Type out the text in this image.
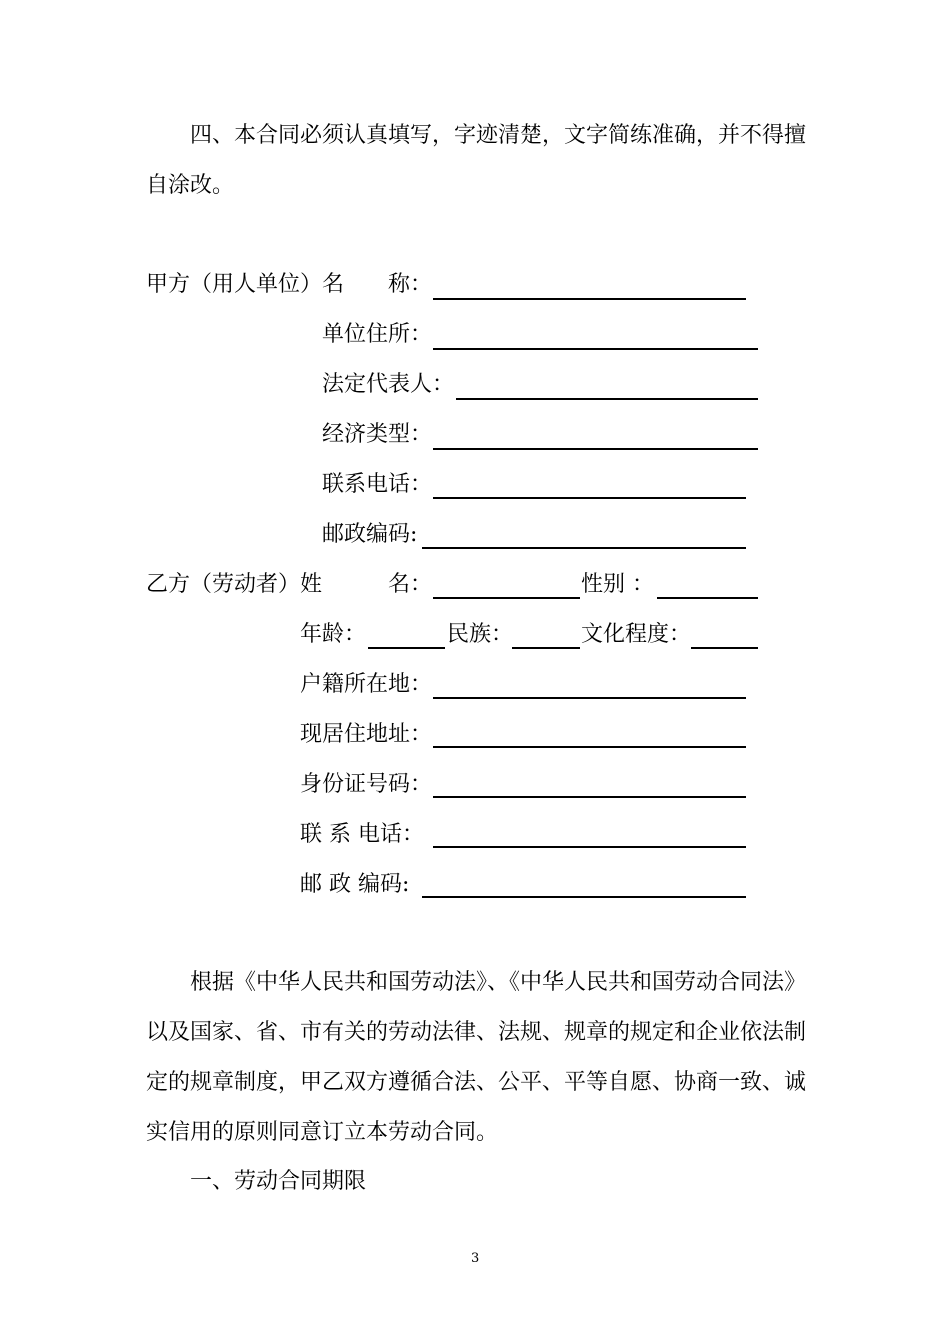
四、本合同必须认真填写，字迹清楚，文字简练准确，并不得擅
自涂改。
甲方（用人单位） 名 称：
单位住所：
法定代表人：
经济类型：
联系电话：
邮政编码:
乙方（劳动者） 姓	名：	性别 ：
年龄：	民族：	文化程度：
户籍所在地：
现居住地址：
身份证号码：
联 系 电话：
邮 政 编码:
根据《中华人民共和国劳动法》、《中华人民共和国劳动合同法》
以及国家、省、市有关的劳动法律、法规、规章的规定和企业依法制
定的规章制度，甲乙双方遵循合法、公平、平等自愿、协商一致、诚
实信用的原则同意订立本劳动合同。
一、劳动合同期限
3
